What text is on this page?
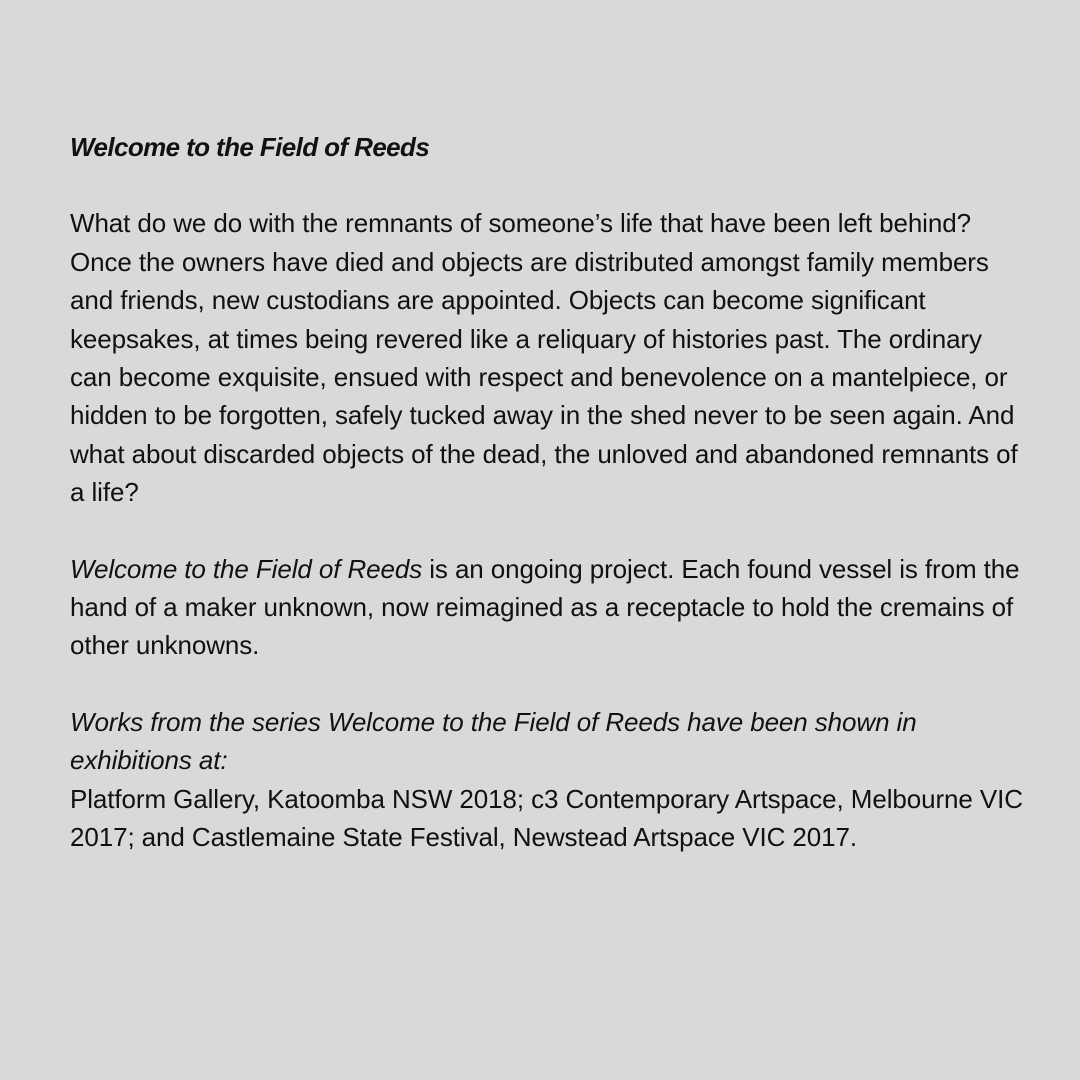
Welcome to the Field of Reeds

What do we do with the remnants of someone’s life that have been left behind? Once the owners have died and objects are distributed amongst family members and friends, new custodians are appointed. Objects can become significant keepsakes, at times being revered like a reliquary of histories past. The ordinary can become exquisite, ensued with respect and benevolence on a mantelpiece, or hidden to be forgotten, safely tucked away in the shed never to be seen again. And what about discarded objects of the dead, the unloved and abandoned remnants of a life?

Welcome to the Field of Reeds is an ongoing project. Each found vessel is from the hand of a maker unknown, now reimagined as a receptacle to hold the cremains of other unknowns.

Works from the series Welcome to the Field of Reeds have been shown in exhibitions at:
Platform Gallery, Katoomba NSW 2018; c3 Contemporary Artspace, Melbourne VIC 2017; and Castlemaine State Festival, Newstead Artspace VIC 2017.
